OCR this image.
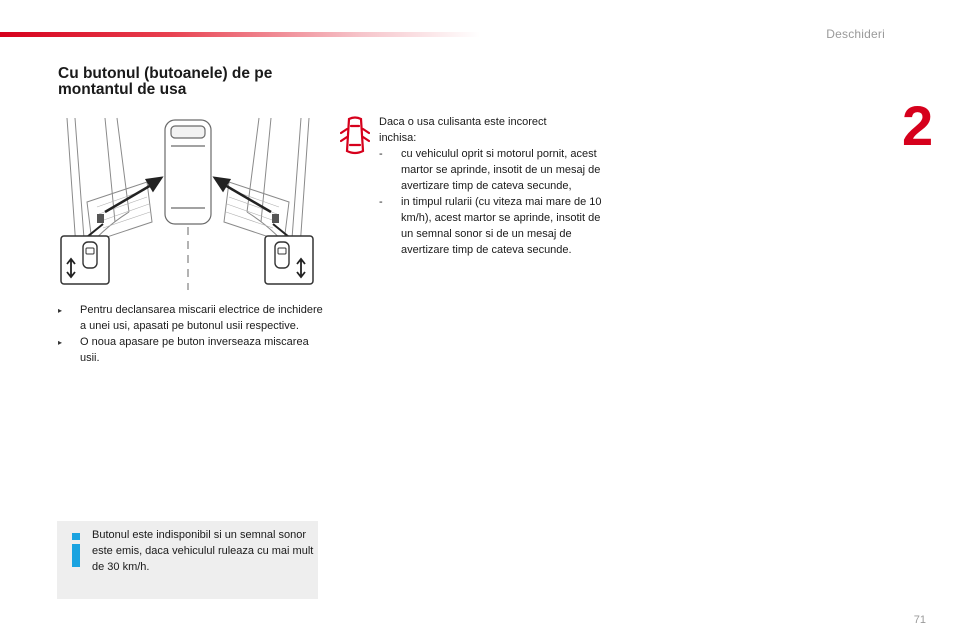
Deschideri
2
Cu butonul (butoanele) de pe
montantul de usa
▸	Pentru declansarea miscarii electrice de inchidere a unei usi, apasati pe butonul usii respective.
▸	O noua apasare pe buton inverseaza miscarea usii.
Butonul este indisponibil si un semnal sonor este emis, daca vehiculul ruleaza cu mai mult de 30 km/h.
Daca o usa culisanta este incorect inchisa:
-	cu vehiculul oprit si motorul pornit, acest martor se aprinde, insotit de un mesaj de avertizare timp de cateva secunde,
-	in timpul rularii (cu viteza mai mare de 10 km/h), acest martor se aprinde, insotit de un semnal sonor si de un mesaj de avertizare timp de cateva secunde.
71
